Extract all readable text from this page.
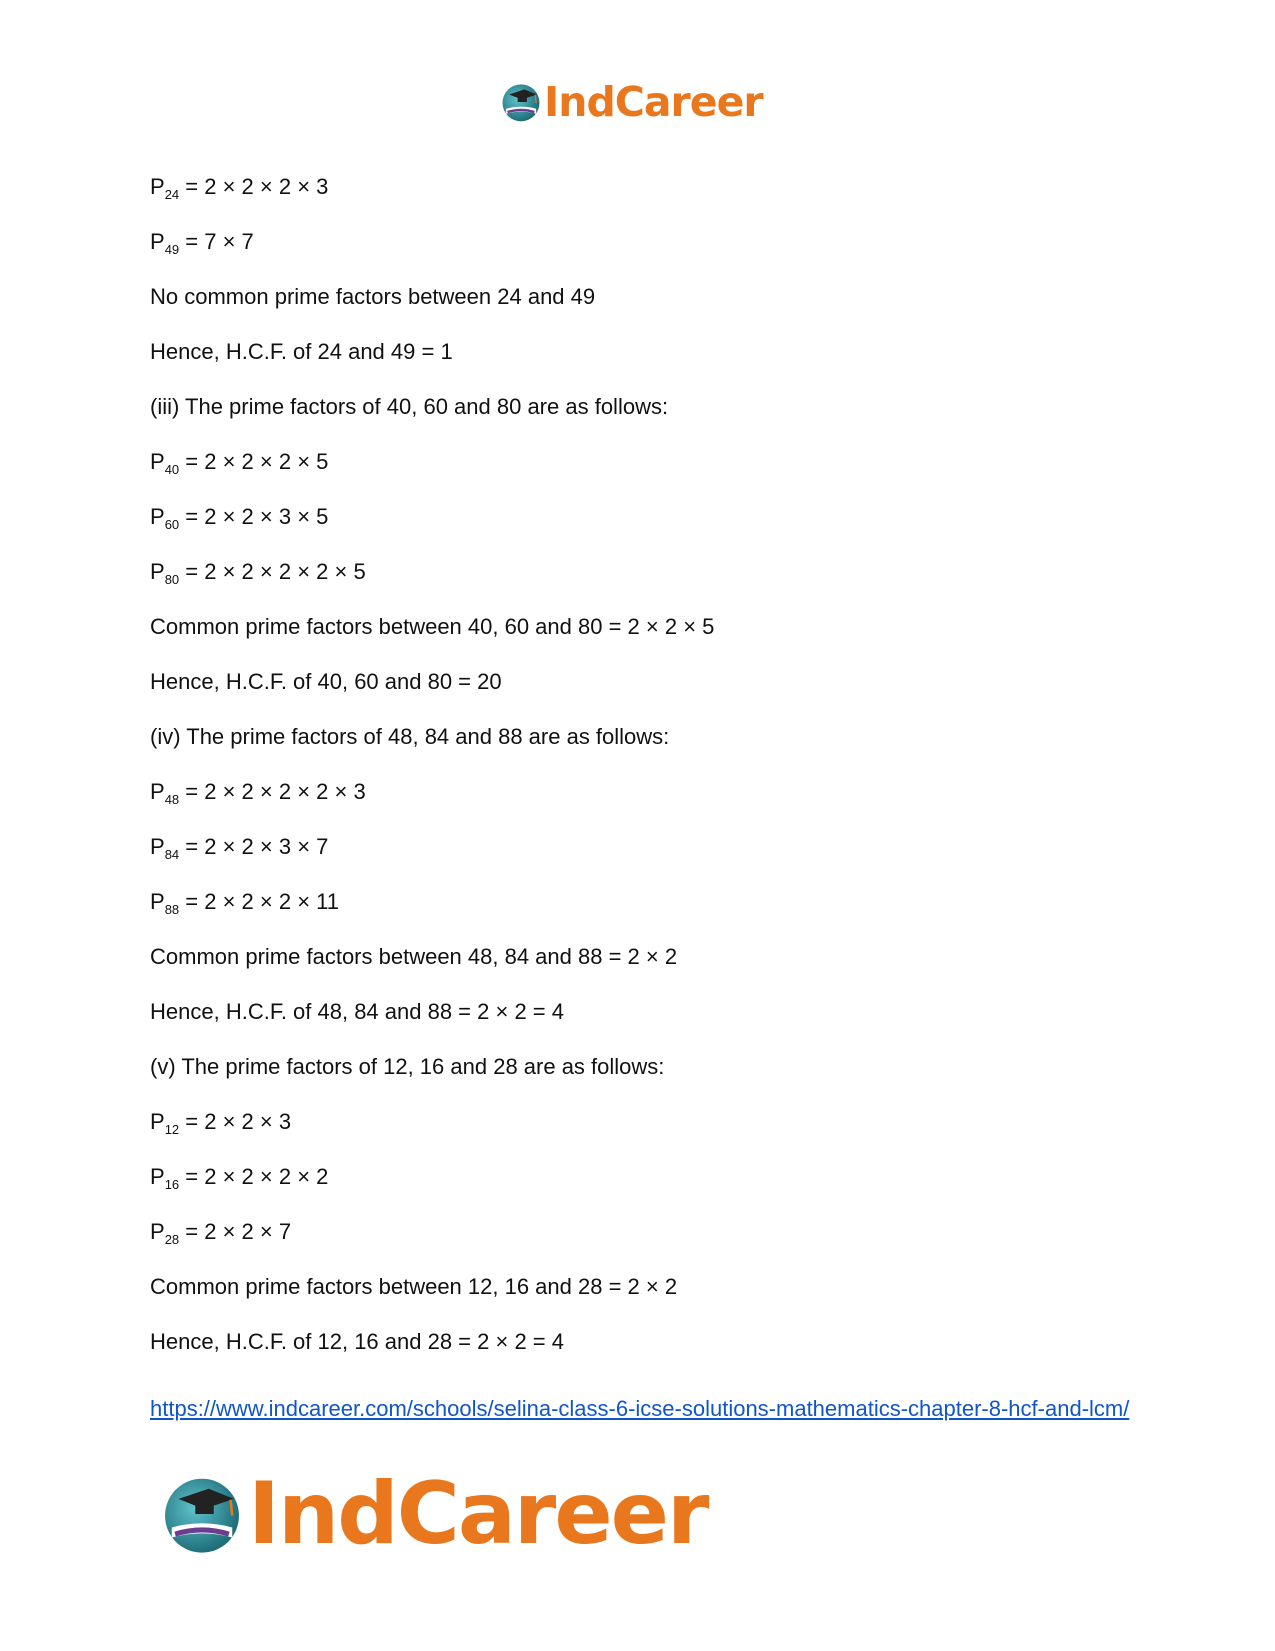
IndCareer
$P_{24} = 2 \times 2 \times 2 \times 3$
$P_{49} = 7 \times 7$
No common prime factors between 24 and 49
Hence, H.C.F. of 24 and 49 = 1
(iii) The prime factors of 40, 60 and 80 are as follows:
$P_{40} = 2 \times 2 \times 2 \times 5$
$P_{60} = 2 \times 2 \times 3 \times 5$
$P_{80} = 2 \times 2 \times 2 \times 2 \times 5$
Common prime factors between 40, 60 and 80 = 2 × 2 × 5
Hence, H.C.F. of 40, 60 and 80 = 20
(iv) The prime factors of 48, 84 and 88 are as follows:
$P_{48} = 2 \times 2 \times 2 \times 2 \times 3$
$P_{84} = 2 \times 2 \times 3 \times 7$
$P_{88} = 2 \times 2 \times 2 \times 11$
Common prime factors between 48, 84 and 88 = 2 × 2
Hence, H.C.F. of 48, 84 and 88 = 2 × 2 = 4
(v) The prime factors of 12, 16 and 28 are as follows:
$P_{12} = 2 \times 2 \times 3$
$P_{16} = 2 \times 2 \times 2 \times 2$
$P_{28} = 2 \times 2 \times 7$
Common prime factors between 12, 16 and 28 = 2 × 2
Hence, H.C.F. of 12, 16 and 28 = 2 × 2 = 4
https://www.indcareer.com/schools/selina-class-6-icse-solutions-mathematics-chapter-8-hcf-and-lcm/
IndCareer
